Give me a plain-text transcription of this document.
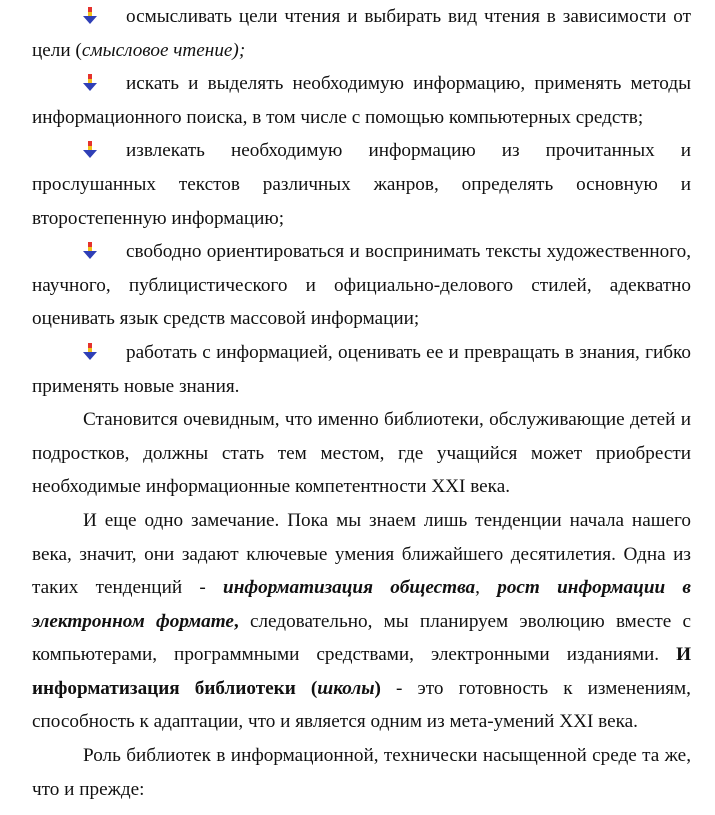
осмысливать цели чтения и выбирать вид чтения в зависимости от цели (смысловое чтение);

искать и выделять необходимую информацию, применять методы информационного поиска, в том числе с помощью компьютерных средств;

извлекать необходимую информацию из прочитанных и прослушанных текстов различных жанров, определять основную и второстепенную информацию;

свободно ориентироваться и воспринимать тексты художественного, научного, публицистического и официально-делового стилей, адекватно оценивать язык средств массовой информации;

работать с информацией, оценивать ее и превращать в знания, гибко применять новые знания.

Становится очевидным, что именно библиотеки, обслуживающие детей и подростков, должны стать тем местом, где учащийся может приобрести необходимые информационные компетентности XXI века.

И еще одно замечание. Пока мы знаем лишь тенденции начала нашего века, значит, они задают ключевые умения ближайшего десятилетия. Одна из таких тенденций - информатизация общества, рост информации в электронном формате, следовательно, мы планируем эволюцию вместе с компьютерами, программными средствами, электронными изданиями. И информатизация библиотеки (школы) - это готовность к изменениям, способность к адаптации, что и является одним из мета-умений XXI века.

Роль библиотек в информационной, технически насыщенной среде та же, что и прежде:
